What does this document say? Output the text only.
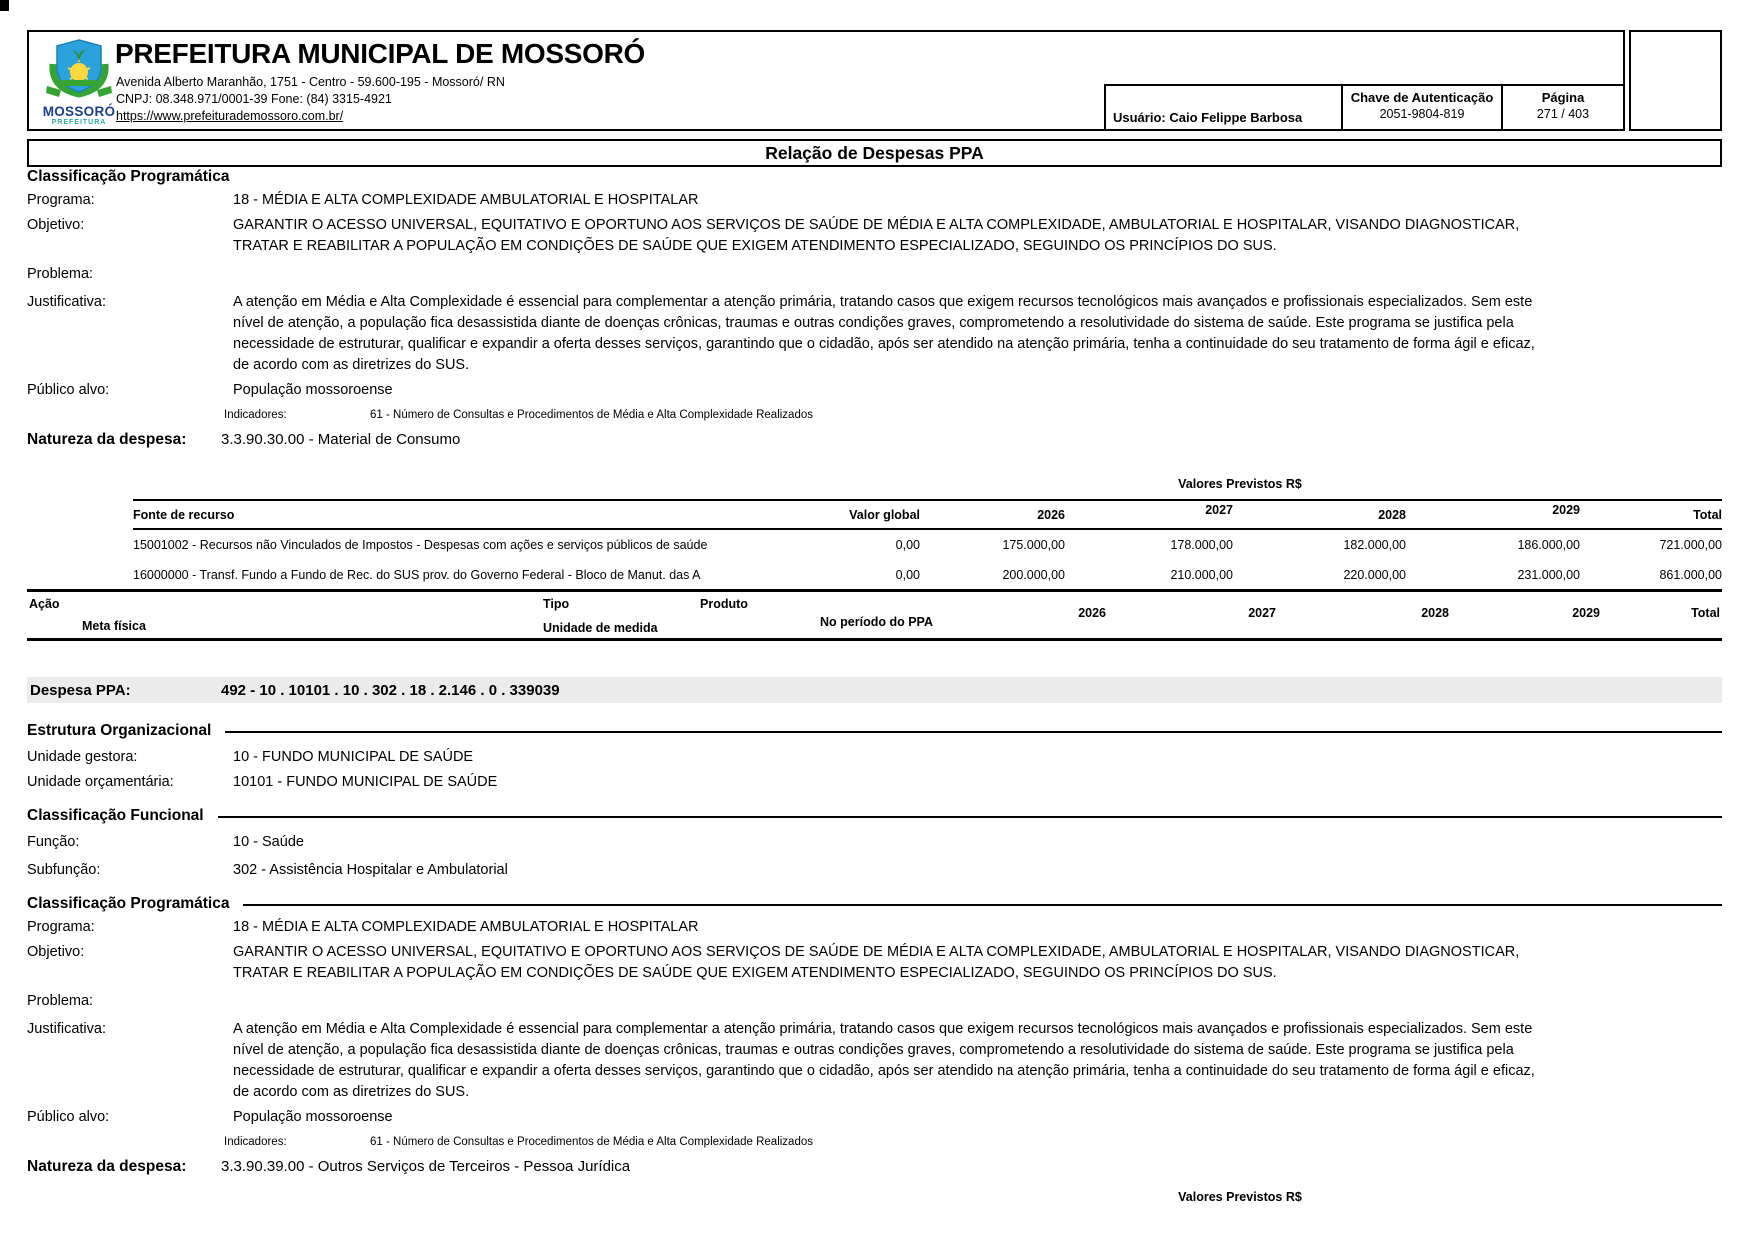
MOSSORÓ
PREFEITURA
PREFEITURA MUNICIPAL DE MOSSORÓ
Avenida Alberto Maranhão, 1751 - Centro - 59.600-195 - Mossoró/ RN
CNPJ: 08.348.971/0001-39 Fone: (84) 3315-4921
https://www.prefeiturademossoro.com.br/	Usuário: Caio Felippe Barbosa
Chave de Autenticação
2051-9804-819
Página
271 / 403
Relação de Despesas PPA
Classificação Programática
Programa:	18 - MÉDIA E ALTA COMPLEXIDADE AMBULATORIAL E HOSPITALAR
Objetivo:	GARANTIR O ACESSO UNIVERSAL, EQUITATIVO E OPORTUNO AOS SERVIÇOS DE SAÚDE DE MÉDIA E ALTA COMPLEXIDADE, AMBULATORIAL E HOSPITALAR, VISANDO DIAGNOSTICAR, TRATAR E REABILITAR A POPULAÇÃO EM CONDIÇÕES DE SAÚDE QUE EXIGEM ATENDIMENTO ESPECIALIZADO, SEGUINDO OS PRINCÍPIOS DO SUS.
Problema:
Justificativa:	A atenção em Média e Alta Complexidade é essencial para complementar a atenção primária, tratando casos que exigem recursos tecnológicos mais avançados e profissionais especializados. Sem este nível de atenção, a população fica desassistida diante de doenças crônicas, traumas e outras condições graves, comprometendo a resolutividade do sistema de saúde. Este programa se justifica pela necessidade de estruturar, qualificar e expandir a oferta desses serviços, garantindo que o cidadão, após ser atendido na atenção primária, tenha a continuidade do seu tratamento de forma ágil e eficaz, de acordo com as diretrizes do SUS.
Público alvo:	População mossoroense
Indicadores:	61 - Número de Consultas e Procedimentos de Média e Alta Complexidade Realizados
Natureza da despesa:	3.3.90.30.00 - Material de Consumo
Valores Previstos R$
Fonte de recurso	Valor global	2026	2027	2028	2029	Total
15001002 - Recursos não Vinculados de Impostos - Despesas com ações e serviços públicos de saúde	0,00	175.000,00	178.000,00	182.000,00	186.000,00	721.000,00
16000000 - Transf. Fundo a Fundo de Rec. do SUS prov. do Governo Federal - Bloco de Manut. das A	0,00	200.000,00	210.000,00	220.000,00	231.000,00	861.000,00
Ação	Tipo	Produto
Meta física	Unidade de medida	No período do PPA
2026	2027	2028	2029	Total
Despesa PPA:	492 - 10 . 10101 . 10 . 302 . 18 . 2.146 . 0 . 339039
Estrutura Organizacional
Unidade gestora:	10 - FUNDO MUNICIPAL DE SAÚDE
Unidade orçamentária:	10101 - FUNDO MUNICIPAL DE SAÚDE
Classificação Funcional
Função:	10 - Saúde
Subfunção:	302 - Assistência Hospitalar e Ambulatorial
Classificação Programática
Programa:	18 - MÉDIA E ALTA COMPLEXIDADE AMBULATORIAL E HOSPITALAR
Objetivo:	GARANTIR O ACESSO UNIVERSAL, EQUITATIVO E OPORTUNO AOS SERVIÇOS DE SAÚDE DE MÉDIA E ALTA COMPLEXIDADE, AMBULATORIAL E HOSPITALAR, VISANDO DIAGNOSTICAR, TRATAR E REABILITAR A POPULAÇÃO EM CONDIÇÕES DE SAÚDE QUE EXIGEM ATENDIMENTO ESPECIALIZADO, SEGUINDO OS PRINCÍPIOS DO SUS.
Problema:
Justificativa:	A atenção em Média e Alta Complexidade é essencial para complementar a atenção primária, tratando casos que exigem recursos tecnológicos mais avançados e profissionais especializados. Sem este nível de atenção, a população fica desassistida diante de doenças crônicas, traumas e outras condições graves, comprometendo a resolutividade do sistema de saúde. Este programa se justifica pela necessidade de estruturar, qualificar e expandir a oferta desses serviços, garantindo que o cidadão, após ser atendido na atenção primária, tenha a continuidade do seu tratamento de forma ágil e eficaz, de acordo com as diretrizes do SUS.
Público alvo:	População mossoroense
Indicadores:	61 - Número de Consultas e Procedimentos de Média e Alta Complexidade Realizados
Natureza da despesa:	3.3.90.39.00 - Outros Serviços de Terceiros - Pessoa Jurídica
Valores Previstos R$
